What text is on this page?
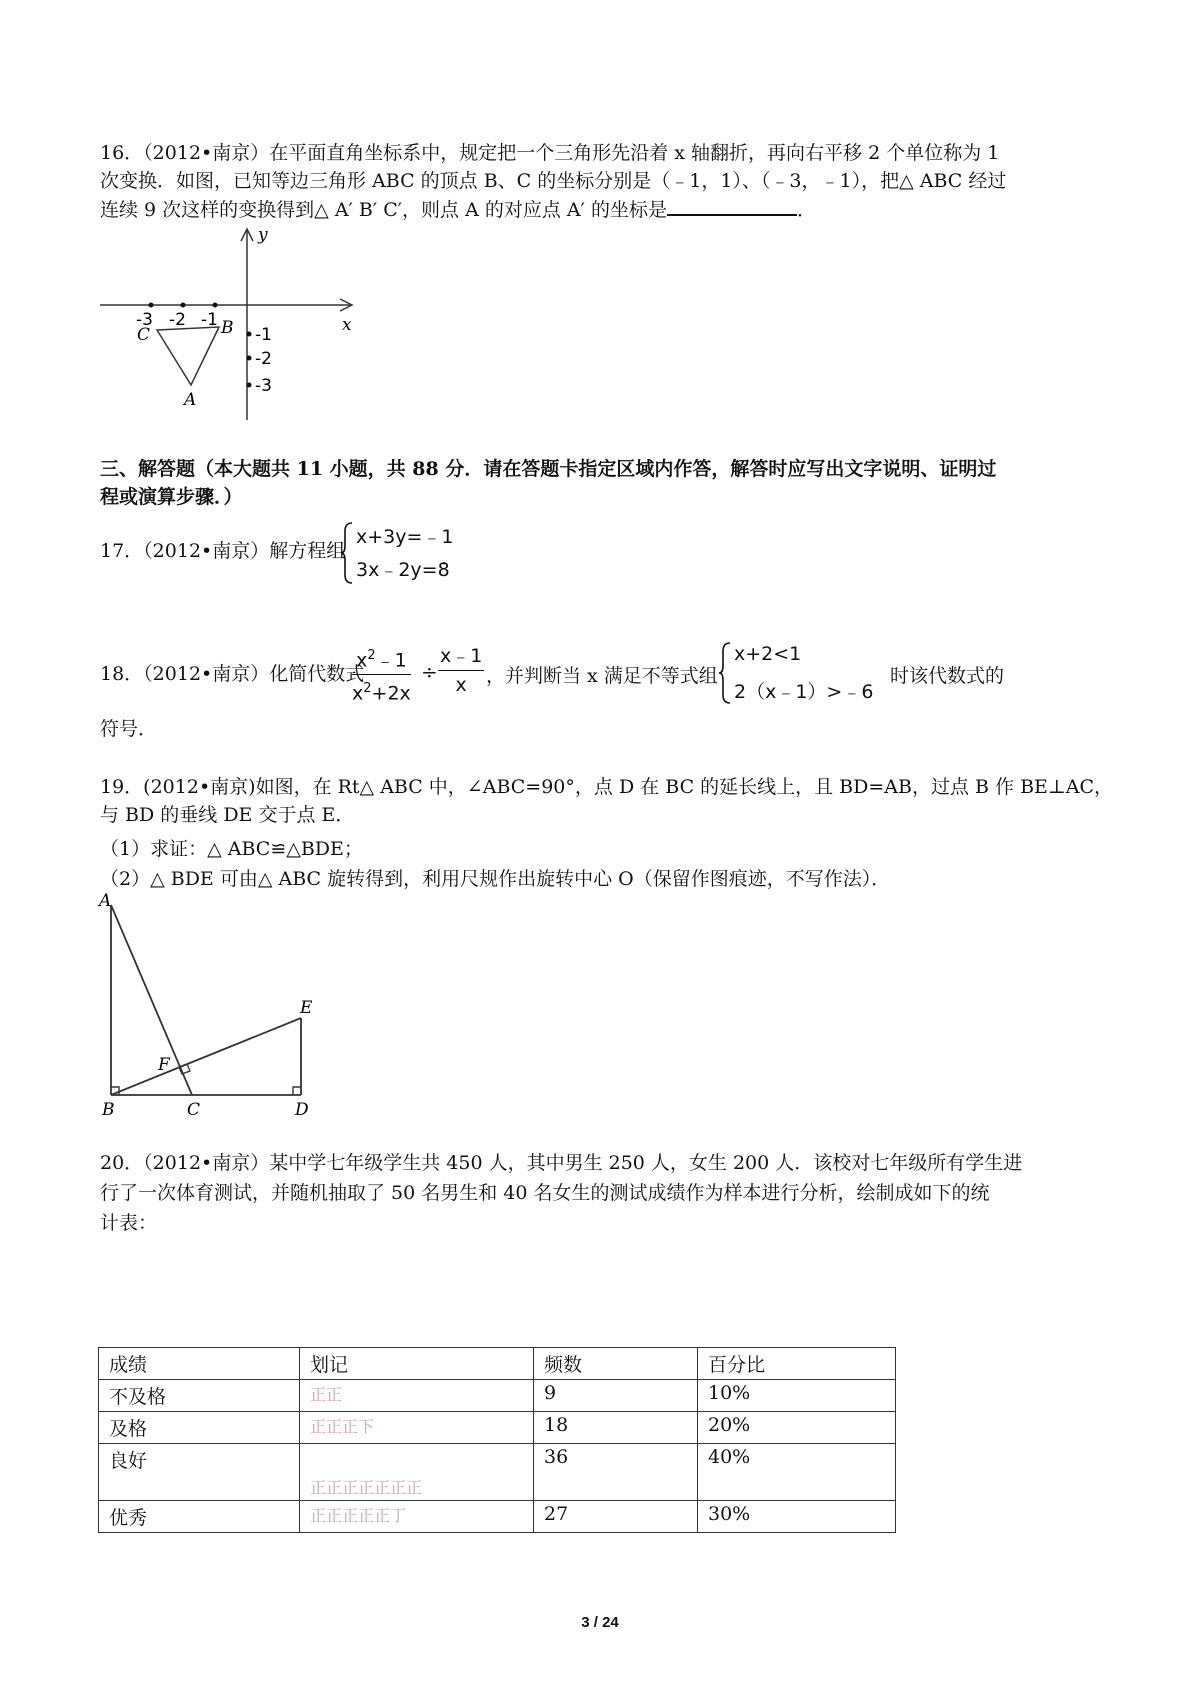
16．（2012•南京）在平面直角坐标系中，规定把一个三角形先沿着 x 轴翻折，再向右平移 2 个单位称为 1
次变换．如图，已知等边三角形 ABC 的顶点 B、C 的坐标分别是（﹣1，1）、（﹣3，﹣1），把△ ABC 经过
连续 9 次这样的变换得到△ A′ B′ C′，则点 A 的对应点 A′ 的坐标是	．
x
y
-3 -2 -1
-1
-2
-3
C	B
A
三、解答题（本大题共 11 小题，共 88 分．请在答题卡指定区域内作答，解答时应写出文字说明、证明过
程或演算步骤．）
17．（2012•南京）解方程组
x+3y=﹣1
3x﹣2y=8
．
18．（2012•南京）化简代数式
$\frac{x^2﹣1}{x^2+2x} \div \frac{x﹣1}{x}$ ，并判断当 x 满足不等式组
x+2<1
2（x﹣1）>﹣6
时该代数式的
符号．
19．(2012•南京)如图，在 Rt△ ABC 中，∠ABC=90°，点 D 在 BC 的延长线上，且 BD=AB，过点 B 作 BE⊥AC，
与 BD 的垂线 DE 交于点 E．
（1）求证：△ ABC≌△BDE；
（2）△ BDE 可由△ ABC 旋转得到，利用尺规作出旋转中心 O（保留作图痕迹，不写作法）．
A
B	C	D
E
F
20．（2012•南京）某中学七年级学生共 450 人，其中男生 250 人，女生 200 人．该校对七年级所有学生进
行了一次体育测试，并随机抽取了 50 名男生和 40 名女生的测试成绩作为样本进行分析，绘制成如下的统
计表：
成绩	划记	频数	百分比
不及格	正正	9	10%
及格	正正正下	18	20%
良好	正正正正正正正	36	40%
优秀	正正正正正丁	27	30%
3 / 24
